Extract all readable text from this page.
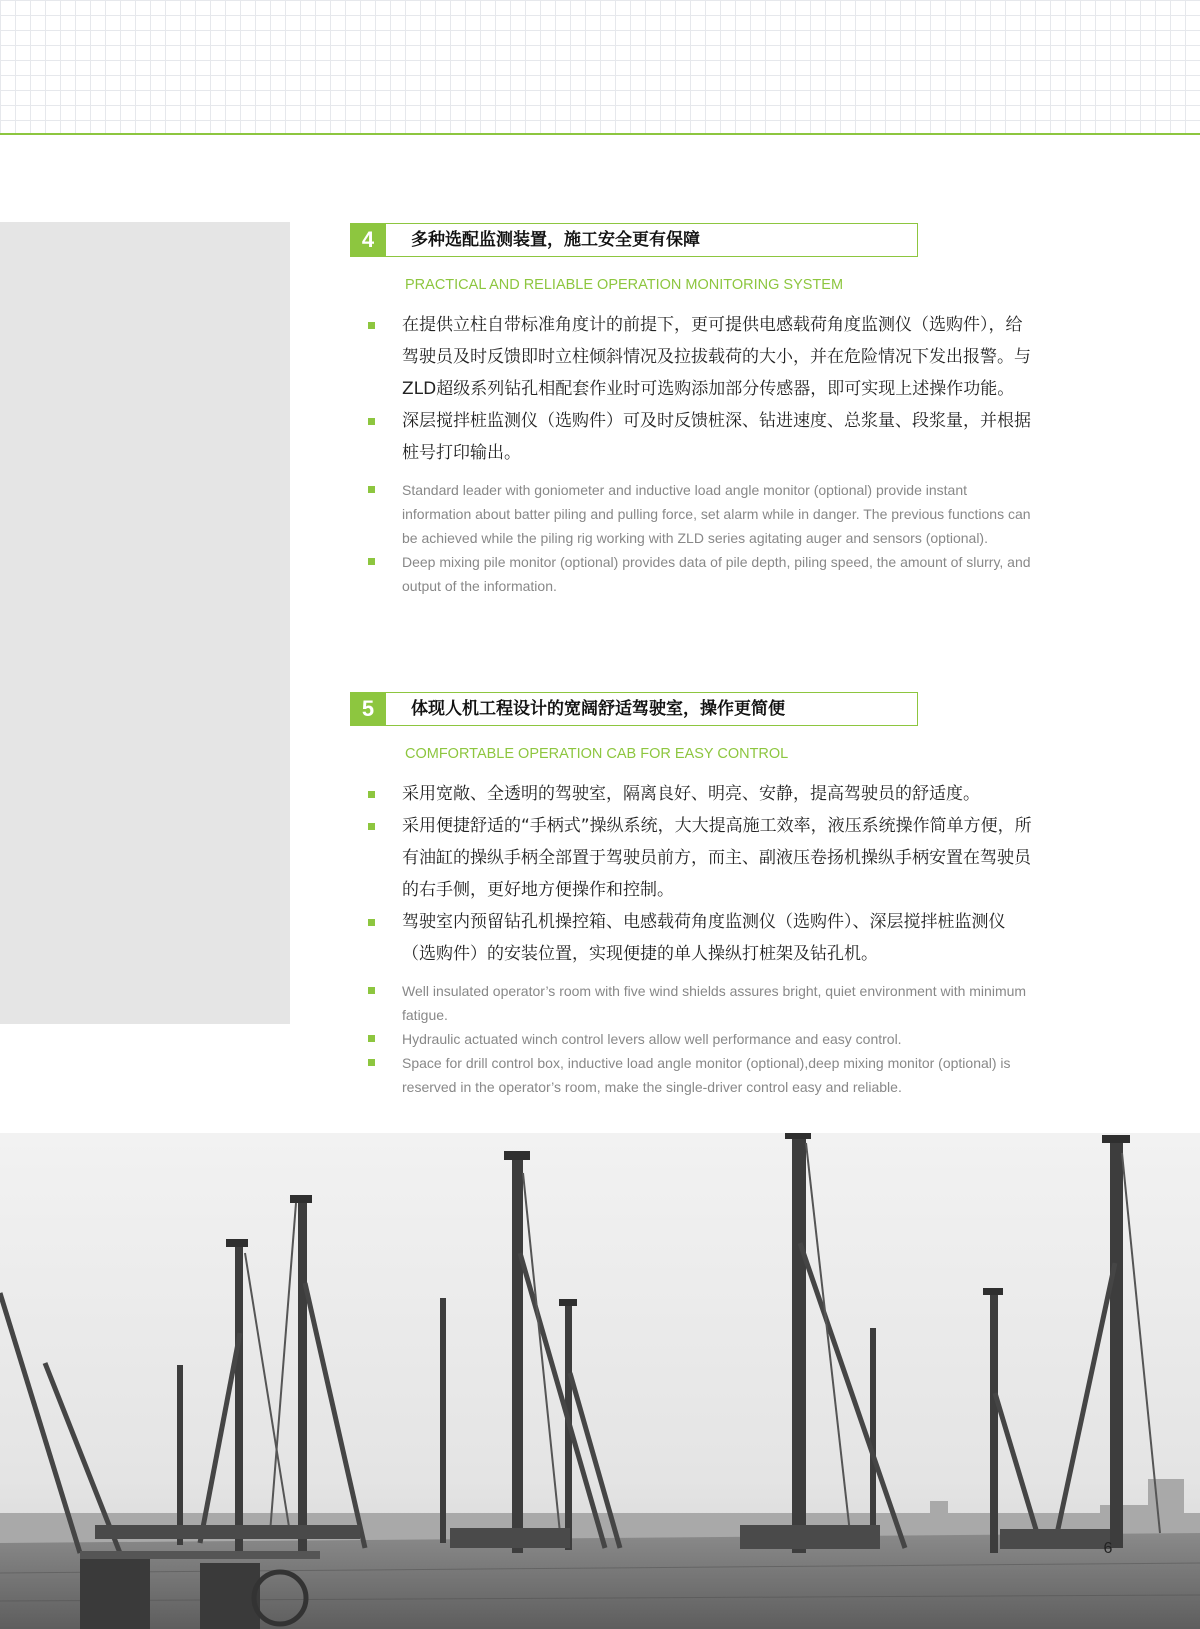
4	多种选配监测装置，施工安全更有保障
PRACTICAL AND RELIABLE OPERATION MONITORING SYSTEM
在提供立柱自带标准角度计的前提下，更可提供电感载荷角度监测仪（选购件），给驾驶员及时反馈即时立柱倾斜情况及拉拔载荷的大小，并在危险情况下发出报警。与ZLD超级系列钻孔相配套作业时可选购添加部分传感器，即可实现上述操作功能。
深层搅拌桩监测仪（选购件）可及时反馈桩深、钻进速度、总浆量、段浆量，并根据桩号打印输出。
Standard leader with goniometer and inductive load angle monitor (optional) provide instant information about batter piling and pulling force, set alarm while in danger. The previous functions can be achieved while the piling rig working with ZLD series agitating auger and sensors (optional).
Deep mixing pile monitor (optional) provides data of pile depth, piling speed, the amount of slurry, and output of the information.
5	体现人机工程设计的宽阔舒适驾驶室，操作更简便
COMFORTABLE OPERATION CAB FOR EASY CONTROL
采用宽敞、全透明的驾驶室，隔离良好、明亮、安静，提高驾驶员的舒适度。
采用便捷舒适的“手柄式”操纵系统，大大提高施工效率，液压系统操作简单方便，所有油缸的操纵手柄全部置于驾驶员前方，而主、副液压卷扬机操纵手柄安置在驾驶员的右手侧，更好地方便操作和控制。
驾驶室内预留钻孔机操控箱、电感载荷角度监测仪（选购件）、深层搅拌桩监测仪（选购件）的安装位置，实现便捷的单人操纵打桩架及钻孔机。
Well insulated operator’s room with five wind shields assures bright, quiet environment with minimum fatigue.
Hydraulic actuated winch control levers allow well performance and easy control.
Space for drill control box, inductive load angle monitor (optional),deep mixing monitor (optional) is reserved in the operator’s room, make the single-driver control easy and reliable.
6
